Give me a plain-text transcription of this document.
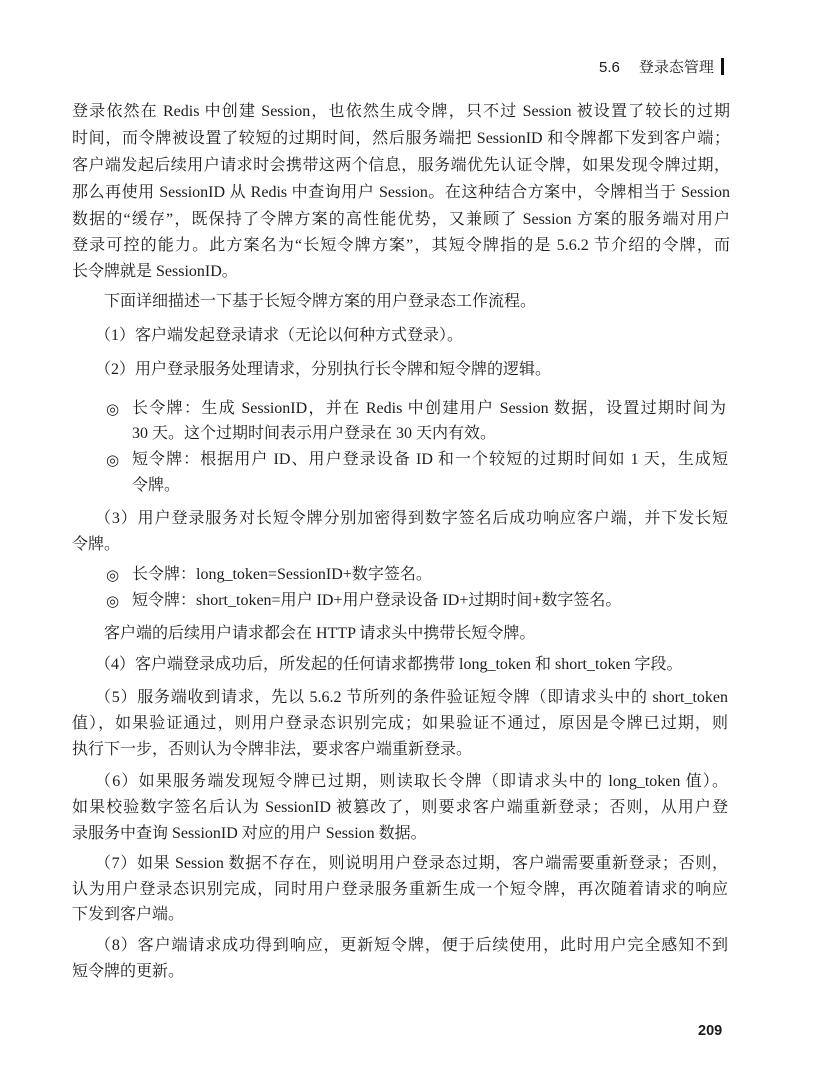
5.6 登录态管理
登录依然在 Redis 中创建 Session，也依然生成令牌，只不过 Session 被设置了较长的过期
时间，而令牌被设置了较短的过期时间，然后服务端把 SessionID 和令牌都下发到客户端；
客户端发起后续用户请求时会携带这两个信息，服务端优先认证令牌，如果发现令牌过期，
那么再使用 SessionID 从 Redis 中查询用户 Session。在这种结合方案中，令牌相当于 Session
数据的“缓存”，既保持了令牌方案的高性能优势，又兼顾了 Session 方案的服务端对用户
登录可控的能力。此方案名为“长短令牌方案”，其短令牌指的是 5.6.2 节介绍的令牌，而
长令牌就是 SessionID。
下面详细描述一下基于长短令牌方案的用户登录态工作流程。
（1）客户端发起登录请求（无论以何种方式登录）。
（2）用户登录服务处理请求，分别执行长令牌和短令牌的逻辑。
◎ 长令牌：生成 SessionID，并在 Redis 中创建用户 Session 数据，设置过期时间为
30 天。这个过期时间表示用户登录在 30 天内有效。
◎ 短令牌：根据用户 ID、用户登录设备 ID 和一个较短的过期时间如 1 天，生成短
令牌。
（3）用户登录服务对长短令牌分别加密得到数字签名后成功响应客户端，并下发长短
令牌。
◎ 长令牌：long_token=SessionID+数字签名。
◎ 短令牌：short_token=用户 ID+用户登录设备 ID+过期时间+数字签名。
客户端的后续用户请求都会在 HTTP 请求头中携带长短令牌。
（4）客户端登录成功后，所发起的任何请求都携带 long_token 和 short_token 字段。
（5）服务端收到请求，先以 5.6.2 节所列的条件验证短令牌（即请求头中的 short_token
值），如果验证通过，则用户登录态识别完成；如果验证不通过，原因是令牌已过期，则
执行下一步，否则认为令牌非法，要求客户端重新登录。
（6）如果服务端发现短令牌已过期，则读取长令牌（即请求头中的 long_token 值）。
如果校验数字签名后认为 SessionID 被篡改了，则要求客户端重新登录；否则，从用户登
录服务中查询 SessionID 对应的用户 Session 数据。
（7）如果 Session 数据不存在，则说明用户登录态过期，客户端需要重新登录；否则，
认为用户登录态识别完成，同时用户登录服务重新生成一个短令牌，再次随着请求的响应
下发到客户端。
（8）客户端请求成功得到响应，更新短令牌，便于后续使用，此时用户完全感知不到
短令牌的更新。
209
